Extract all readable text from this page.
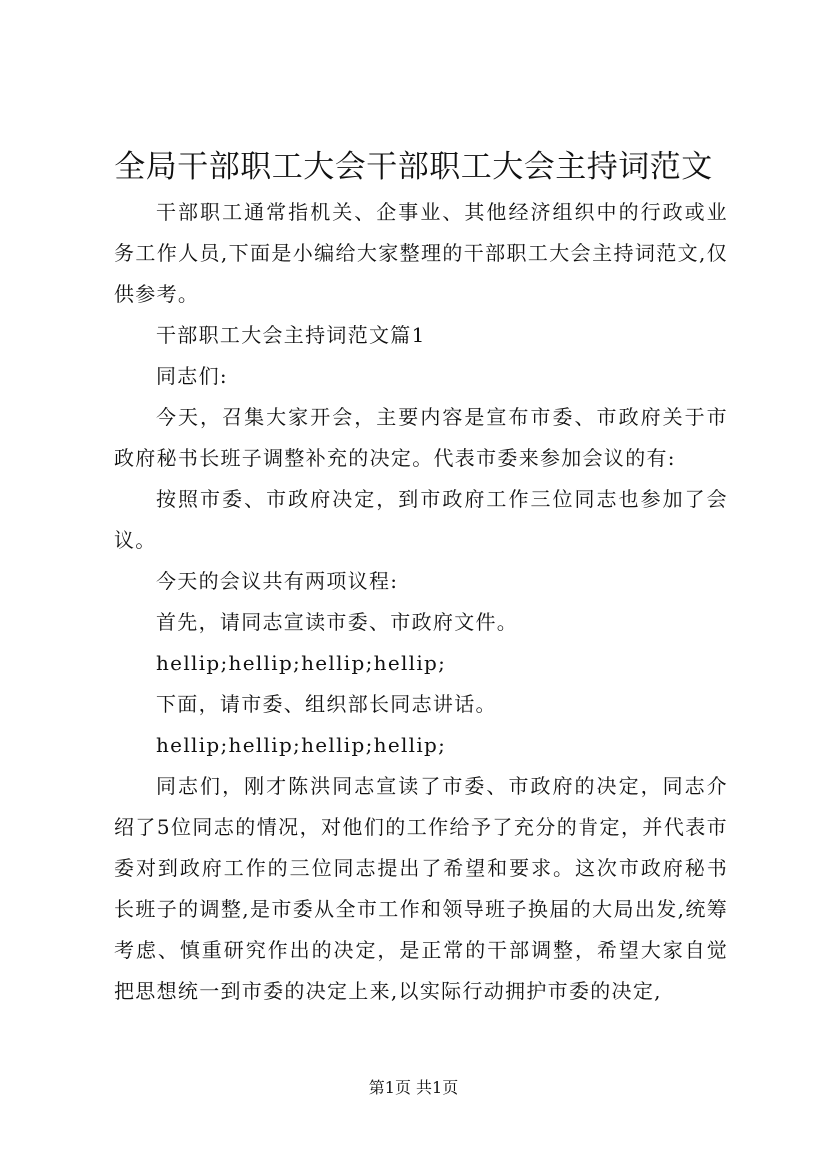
全局干部职工大会干部职工大会主持词范文

干部职工通常指机关、企事业、其他经济组织中的行政或业务工作人员,下面是小编给大家整理的干部职工大会主持词范文,仅供参考。

干部职工大会主持词范文篇1

同志们:

今天，召集大家开会，主要内容是宣布市委、市政府关于市政府秘书长班子调整补充的决定。代表市委来参加会议的有:

按照市委、市政府决定，到市政府工作三位同志也参加了会议。

今天的会议共有两项议程:

首先，请同志宣读市委、市政府文件。

hellip;hellip;hellip;hellip;

下面，请市委、组织部长同志讲话。

hellip;hellip;hellip;hellip;

同志们，刚才陈洪同志宣读了市委、市政府的决定，同志介绍了5位同志的情况，对他们的工作给予了充分的肯定，并代表市委对到政府工作的三位同志提出了希望和要求。这次市政府秘书长班子的调整,是市委从全市工作和领导班子换届的大局出发,统筹考虑、慎重研究作出的决定，是正常的干部调整，希望大家自觉把思想统一到市委的决定上来,以实际行动拥护市委的决定,

第1页 共1页
